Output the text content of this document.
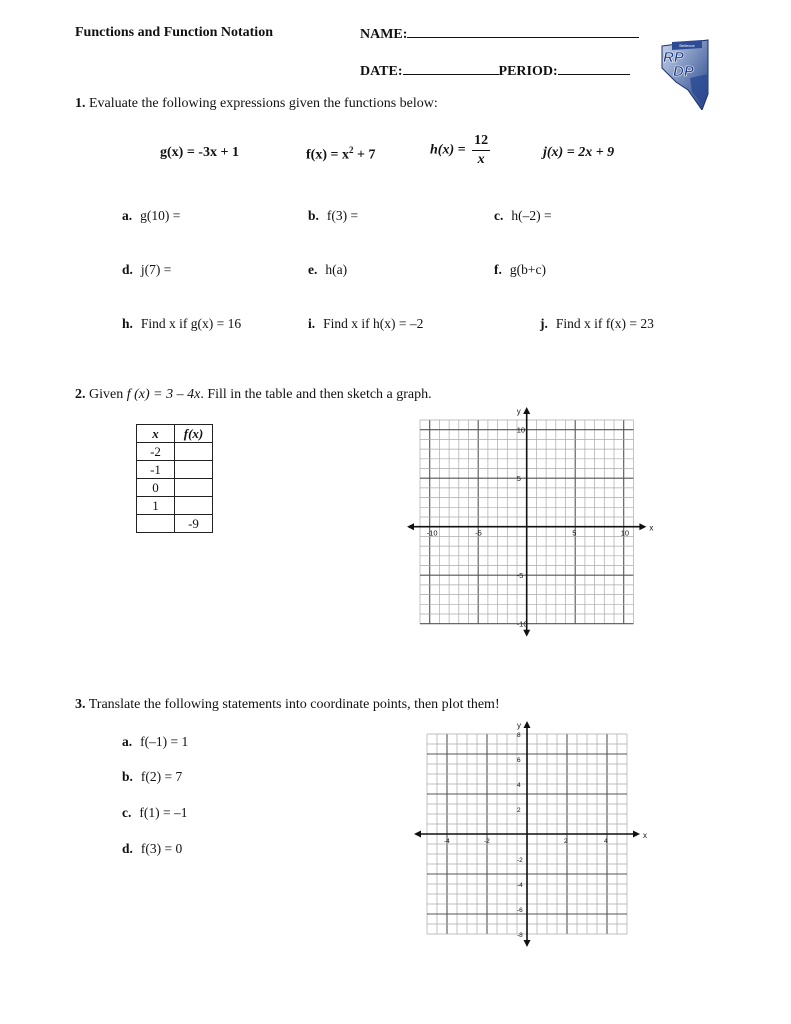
Functions and Function Notation	NAME:
DATE:	PERIOD:
Bellevue
RP
DP
1. Evaluate the following expressions given the functions below:
g(x) = -3x + 1	$f(x) = x^2 + 7$	$h(x) = \frac{12}{x}$	j(x) = 2x + 9
a. g(10) =	b. f(3) =	c. h(–2) =
d. j(7) =	e. h(a)	f. g(b+c)
h. Find x if g(x) = 16	i. Find x if h(x) = –2	j. Find x if f(x) = 23
2. Given f (x) = 3 – 4x. Fill in the table and then sketch a graph.
x	f(x)
-2	
-1	
0	
1	
	-9	x
y
-10	-5	5	10
10
5
-5
-10
3. Translate the following statements into coordinate points, then plot them!
a. f(–1) = 1
b. f(2) = 7
c. f(1) = –1
d. f(3) = 0
x
y
-4	-2	2	4
8
6
4
2
-2
-4
-6
-8
